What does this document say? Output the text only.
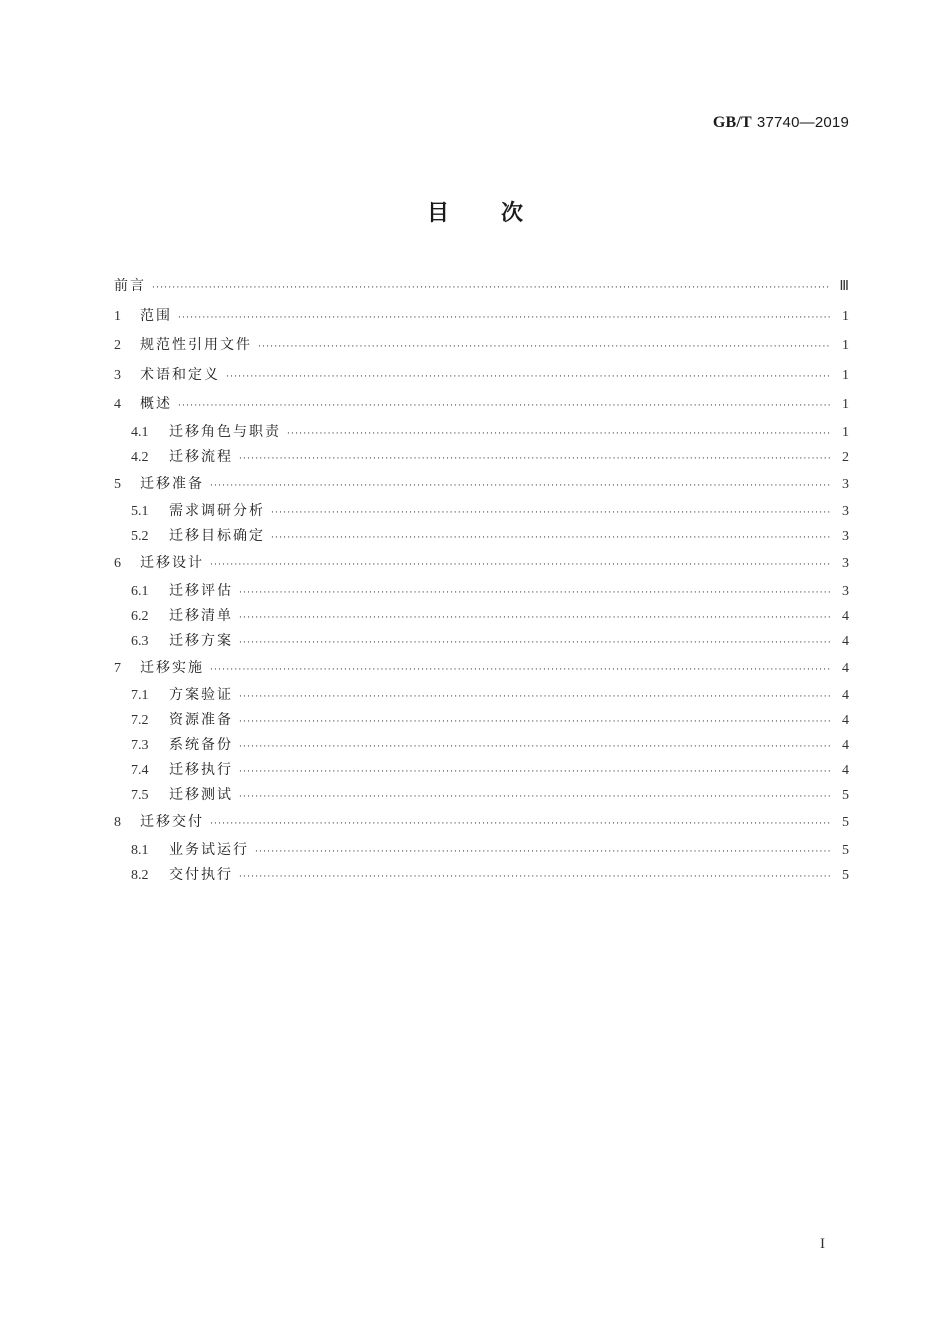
GB/T 37740—2019
目 次
前言 ·····	Ⅲ
1	范围 ·····	1
2	规范性引用文件 ·····	1
3	术语和定义 ·····	1
4	概述 ·····	1
4.1	迁移角色与职责 ·····	1
4.2	迁移流程 ·····	2
5	迁移准备 ·····	3
5.1	需求调研分析 ·····	3
5.2	迁移目标确定 ·····	3
6	迁移设计 ·····	3
6.1	迁移评估 ·····	3
6.2	迁移清单 ·····	4
6.3	迁移方案 ·····	4
7	迁移实施 ·····	4
7.1	方案验证 ·····	4
7.2	资源准备 ·····	4
7.3	系统备份 ·····	4
7.4	迁移执行 ·····	4
7.5	迁移测试 ·····	5
8	迁移交付 ·····	5
8.1	业务试运行 ·····	5
8.2	交付执行 ·····	5
I
